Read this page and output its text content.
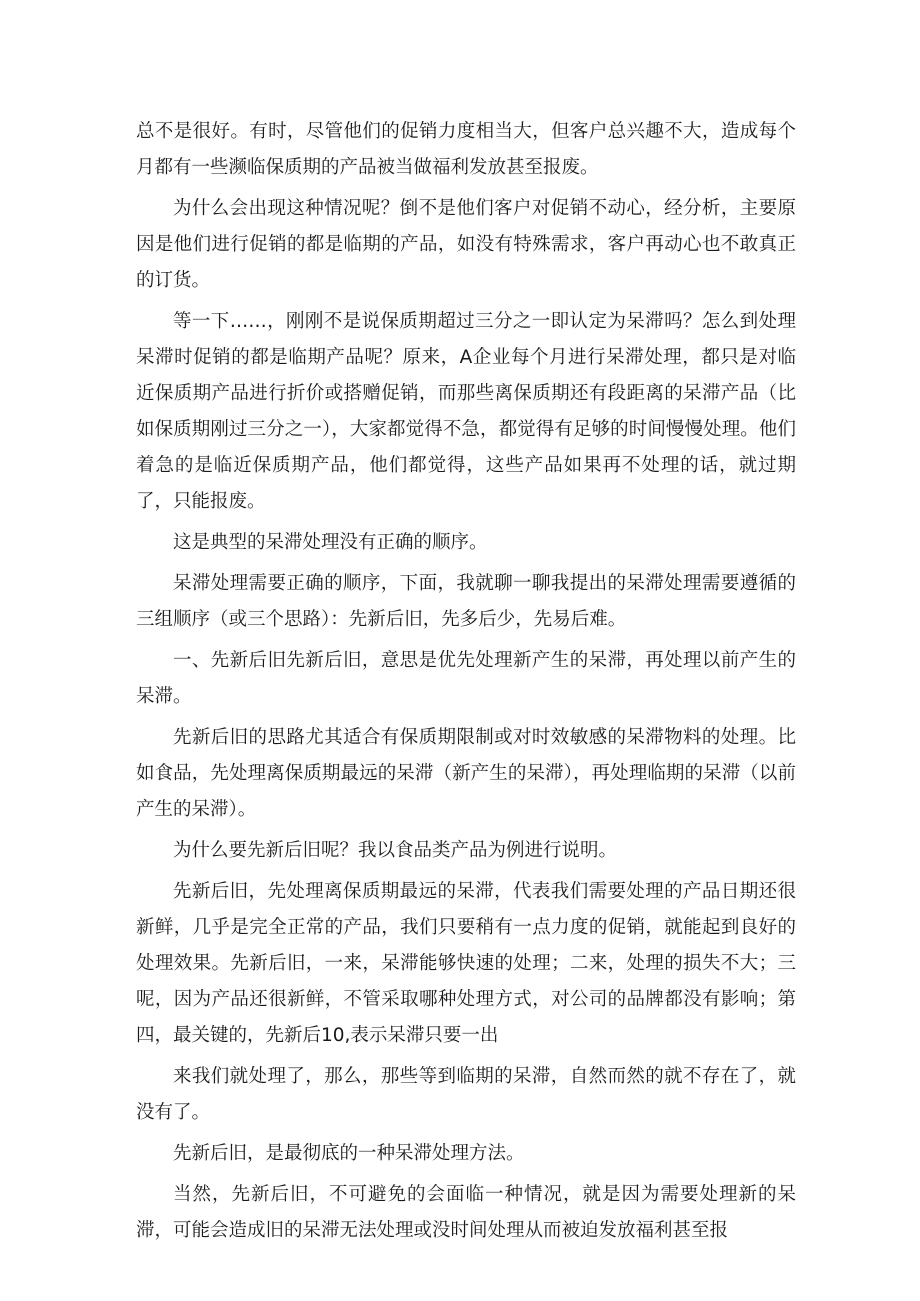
总不是很好。有时，尽管他们的促销力度相当大，但客户总兴趣不大，造成每个月都有一些濒临保质期的产品被当做福利发放甚至报废。

为什么会出现这种情况呢？倒不是他们客户对促销不动心，经分析，主要原因是他们进行促销的都是临期的产品，如没有特殊需求，客户再动心也不敢真正的订货。

等一下……，刚刚不是说保质期超过三分之一即认定为呆滞吗？怎么到处理呆滞时促销的都是临期产品呢？原来，A企业每个月进行呆滞处理，都只是对临近保质期产品进行折价或搭赠促销，而那些离保质期还有段距离的呆滞产品（比如保质期刚过三分之一），大家都觉得不急，都觉得有足够的时间慢慢处理。他们着急的是临近保质期产品，他们都觉得，这些产品如果再不处理的话，就过期了，只能报废。

这是典型的呆滞处理没有正确的顺序。

呆滞处理需要正确的顺序，下面，我就聊一聊我提出的呆滞处理需要遵循的三组顺序（或三个思路）：先新后旧，先多后少，先易后难。

一、先新后旧先新后旧，意思是优先处理新产生的呆滞，再处理以前产生的呆滞。

先新后旧的思路尤其适合有保质期限制或对时效敏感的呆滞物料的处理。比如食品，先处理离保质期最远的呆滞（新产生的呆滞），再处理临期的呆滞（以前产生的呆滞）。

为什么要先新后旧呢？我以食品类产品为例进行说明。

先新后旧，先处理离保质期最远的呆滞，代表我们需要处理的产品日期还很新鲜，几乎是完全正常的产品，我们只要稍有一点力度的促销，就能起到良好的处理效果。先新后旧，一来，呆滞能够快速的处理；二来，处理的损失不大；三呢，因为产品还很新鲜，不管采取哪种处理方式，对公司的品牌都没有影响；第四，最关键的，先新后10,表示呆滞只要一出

来我们就处理了，那么，那些等到临期的呆滞，自然而然的就不存在了，就没有了。

先新后旧，是最彻底的一种呆滞处理方法。

当然，先新后旧，不可避免的会面临一种情况，就是因为需要处理新的呆滞，可能会造成旧的呆滞无法处理或没时间处理从而被迫发放福利甚至报
